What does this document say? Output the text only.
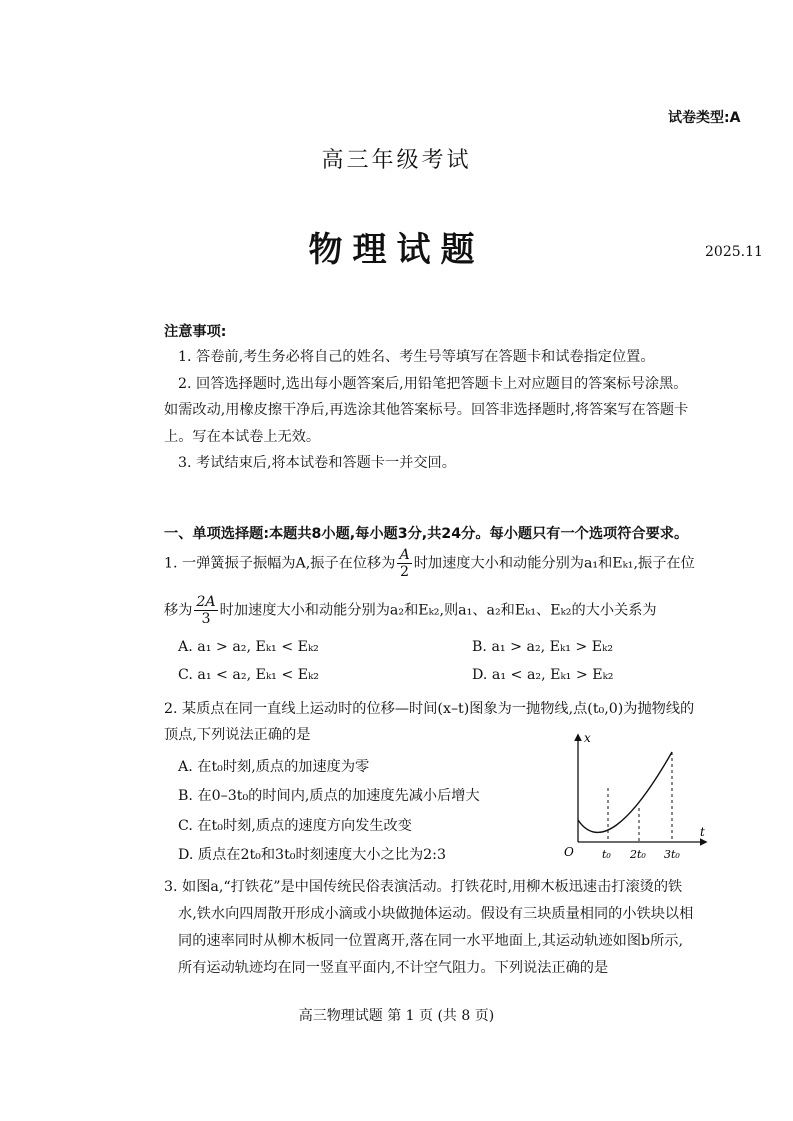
试卷类型:A
高三年级考试
物理试题	2025.11
注意事项:
1. 答卷前,考生务必将自己的姓名、考生号等填写在答题卡和试卷指定位置。
2. 回答选择题时,选出每小题答案后,用铅笔把答题卡上对应题目的答案标号涂黑。
如需改动,用橡皮擦干净后,再选涂其他答案标号。回答非选择题时,将答案写在答题卡
上。写在本试卷上无效。
3. 考试结束后,将本试卷和答题卡一并交回。
一、单项选择题:本题共8小题,每小题3分,共24分。每小题只有一个选项符合要求。
1. 一弹簧振子振幅为A,振子在位移为 $\frac{A}{2}$ 时加速度大小和动能分别为a₁和Eₖ₁,振子在位
移为 $\frac{2A}{3}$ 时加速度大小和动能分别为a₂和Eₖ₂,则a₁、a₂和Eₖ₁、Eₖ₂的大小关系为
A. a₁ > a₂, Eₖ₁ < Eₖ₂	B. a₁ > a₂, Eₖ₁ > Eₖ₂
C. a₁ < a₂, Eₖ₁ < Eₖ₂	D. a₁ < a₂, Eₖ₁ > Eₖ₂
2. 某质点在同一直线上运动时的位移—时间(x–t)图象为一抛物线,点(t₀,0)为抛物线的
顶点,下列说法正确的是
A. 在t₀时刻,质点的加速度为零
B. 在0–3t₀的时间内,质点的加速度先减小后增大
C. 在t₀时刻,质点的速度方向发生改变
D. 质点在2t₀和3t₀时刻速度大小之比为2:3
x
t
O	t₀ 2t₀ 3t₀
3. 如图a,“打铁花”是中国传统民俗表演活动。打铁花时,用柳木板迅速击打滚烫的铁
水,铁水向四周散开形成小滴或小块做抛体运动。假设有三块质量相同的小铁块以相
同的速率同时从柳木板同一位置离开,落在同一水平地面上,其运动轨迹如图b所示,
所有运动轨迹均在同一竖直平面内,不计空气阻力。下列说法正确的是
高三物理试题 第 1 页 (共 8 页)
